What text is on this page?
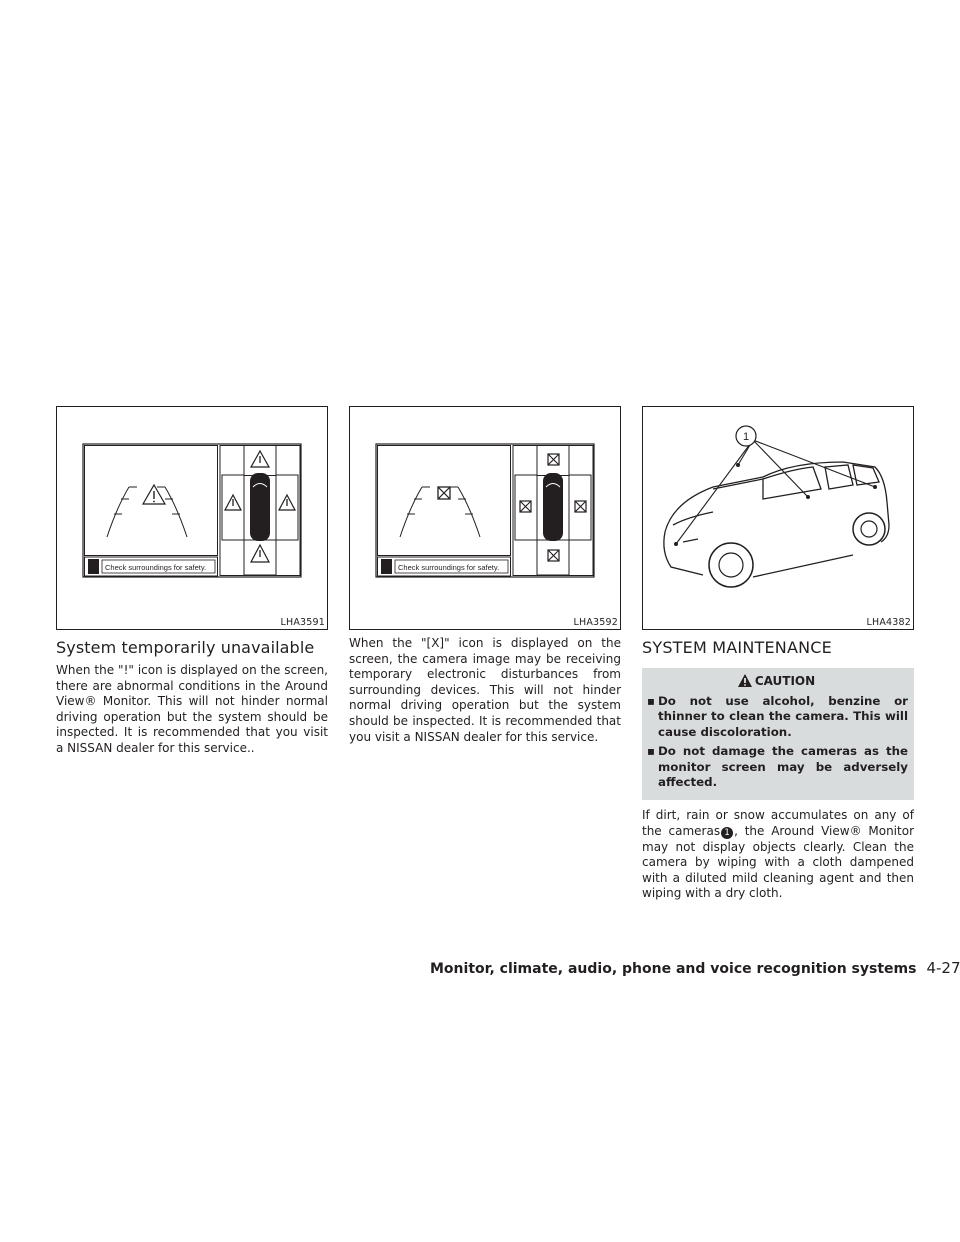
Check surroundings for safety.
LHA3591
System temporarily unavailable

When the "!" icon is displayed on the screen, there are abnormal conditions in the Around View® Monitor. This will not hinder normal driving operation but the system should be inspected. It is recommended that you visit a NISSAN dealer for this service..

Check surroundings for safety.
LHA3592

When the "[X]" icon is displayed on the screen, the camera image may be receiving temporary electronic disturbances from surrounding devices. This will not hinder normal driving operation but the system should be inspected. It is recommended that you visit a NISSAN dealer for this service.

1
LHA4382
SYSTEM MAINTENANCE
CAUTION
▪ Do not use alcohol, benzine or thinner to clean the camera. This will cause discoloration.
▪ Do not damage the cameras as the monitor screen may be adversely affected.

If dirt, rain or snow accumulates on any of the cameras 1 , the Around View® Monitor may not display objects clearly. Clean the camera by wiping with a cloth dampened with a diluted mild cleaning agent and then wiping with a dry cloth.

Monitor, climate, audio, phone and voice recognition systems 4-27
